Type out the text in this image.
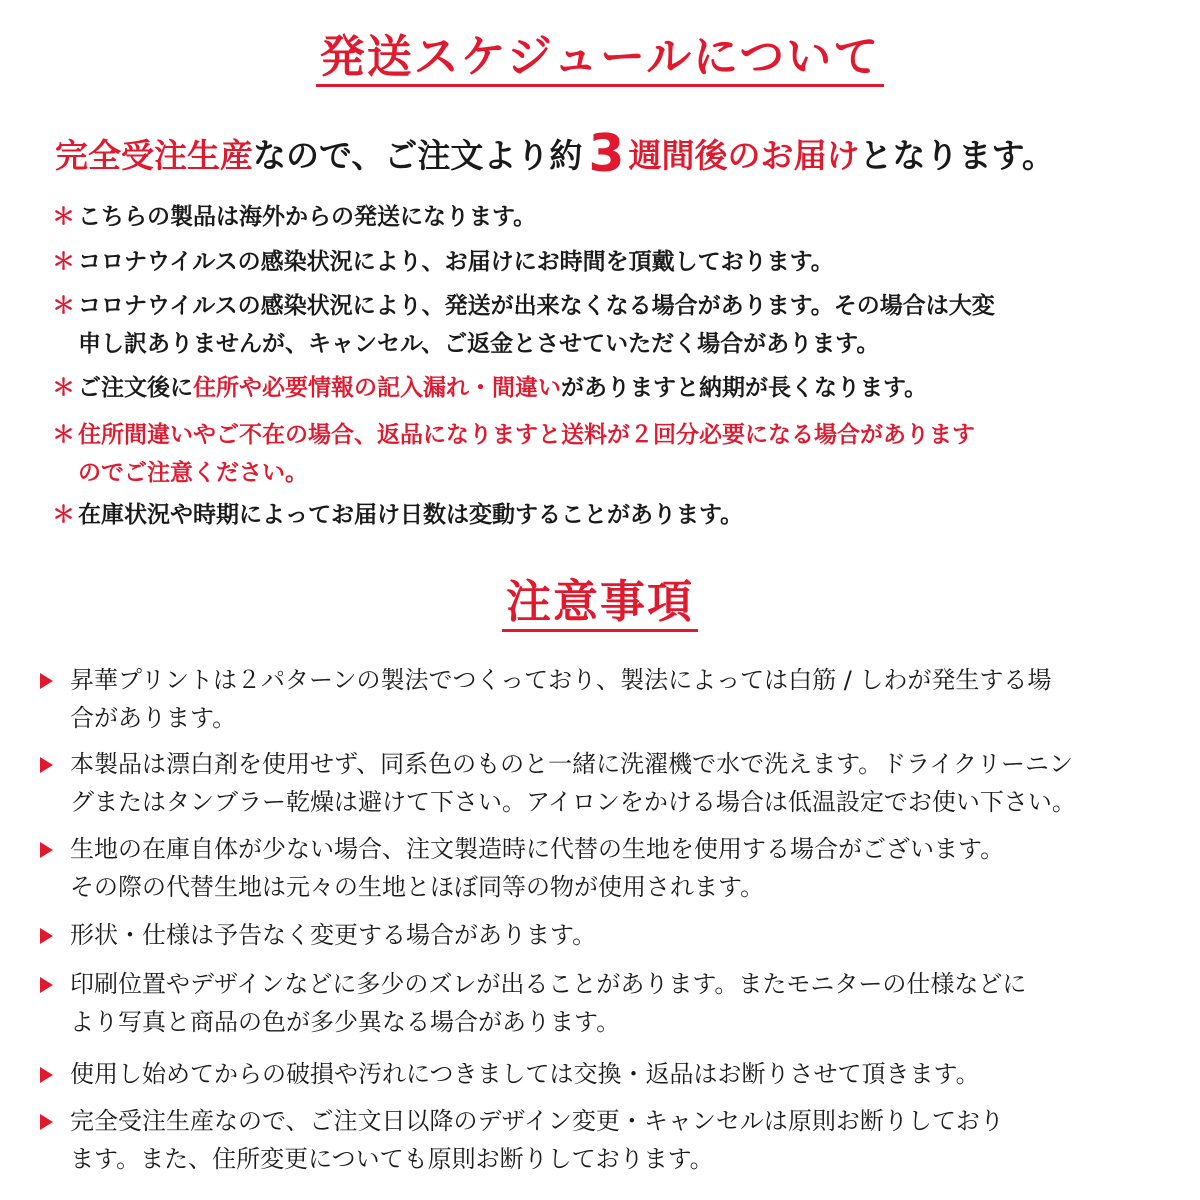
発送スケジュールについて
完全受注生産なので、ご注文より約 3 週間後のお届けとなります。
＊ こちらの製品は海外からの発送になります。
＊ コロナウイルスの感染状況により、お届けにお時間を頂戴しております。
＊ コロナウイルスの感染状況により、発送が出来なくなる場合があります。その場合は大変
申し訳ありませんが、キャンセル、ご返金とさせていただく場合があります。
＊ ご注文後に住所や必要情報の記入漏れ・間違いがありますと納期が長くなります。
＊ 住所間違いやご不在の場合、返品になりますと送料が２回分必要になる場合があります
のでご注意ください。
＊ 在庫状況や時期によってお届け日数は変動することがあります。
注意事項
昇華プリントは２パターンの製法でつくっており、製法によっては白筋 / しわが発生する場
合があります。
本製品は漂白剤を使用せず、同系色のものと一緒に洗濯機で水で洗えます。ドライクリーニン
グまたはタンブラー乾燥は避けて下さい。アイロンをかける場合は低温設定でお使い下さい。
生地の在庫自体が少ない場合、注文製造時に代替の生地を使用する場合がございます。
その際の代替生地は元々の生地とほぼ同等の物が使用されます。
形状・仕様は予告なく変更する場合があります。
印刷位置やデザインなどに多少のズレが出ることがあります。またモニターの仕様などに
より写真と商品の色が多少異なる場合があります。
使用し始めてからの破損や汚れにつきましては交換・返品はお断りさせて頂きます。
完全受注生産なので、ご注文日以降のデザイン変更・キャンセルは原則お断りしており
ます。また、住所変更についても原則お断りしております。
